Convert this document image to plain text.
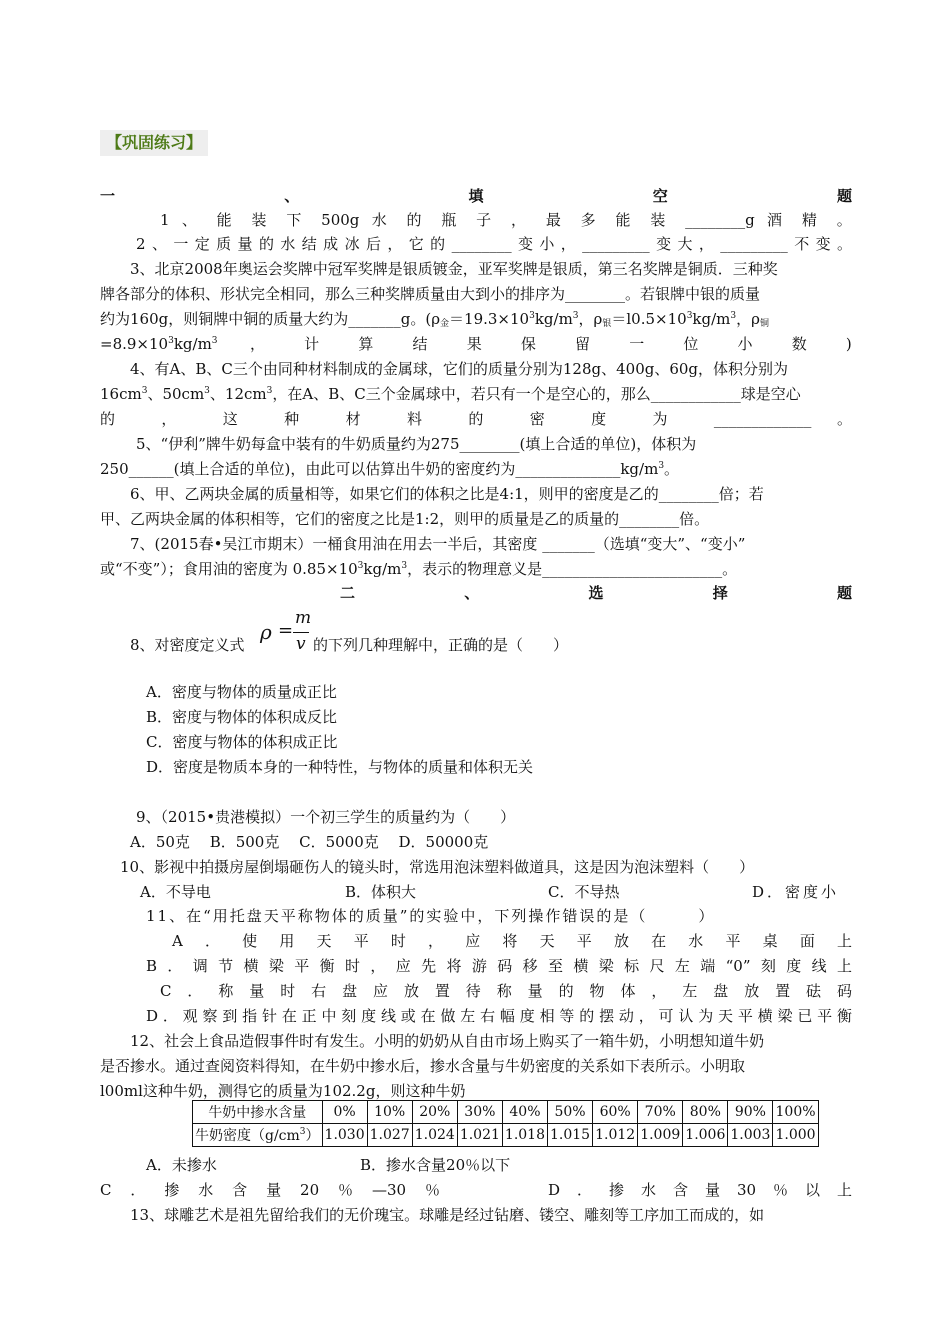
【巩固练习】
一	、	填	空	题
1 、 能 装 下 500g 水 的 瓶 子 ， 最 多 能 装 ________g 酒 精 。
2、一定质量的水结成冰后，它的________变小，_________变大，_________不变。
3、北京2008年奥运会奖牌中冠军奖牌是银质镀金，亚军奖牌是银质，第三名奖牌是铜质．三种奖
牌各部分的体积、形状完全相同，那么三种奖牌质量由大到小的排序为________。若银牌中银的质量
约为160g，则铜牌中铜的质量大约为_______g。($\rho_金=19.3\times 10^3kg/m^3$，$\rho_银=l0.5\times 10^3kg/m^3$，$\rho_铜$
$=8.9\times 10^3kg/m^3$ ， 计 算 结 果 保 留 一 位 小 数 )
4、有A、B、C三个由同种材料制成的金属球，它们的质量分别为128g、400g、60g，体积分别为
$16cm^3$、$50cm^3$、$12cm^3$，在A、B、C三个金属球中，若只有一个是空心的，那么____________球是空心
的 ， 这 种 材 料 的 密 度 为 _____________ 。
5、“伊利”牌牛奶每盒中装有的牛奶质量约为275________(填上合适的单位)，体积为
250______(填上合适的单位)，由此可以估算出牛奶的密度约为$\_\_\_\_\_\_\_\_\_\_\_\_\_\_kg/m^3$。
6、甲、乙两块金属的质量相等，如果它们的体积之比是4:1，则甲的密度是乙的________倍；若
甲、乙两块金属的体积相等，它们的密度之比是1:2，则甲的质量是乙的质量的________倍。
7、(2015春•吴江市期末）一桶食用油在用去一半后，其密度 _______（选填“变大”、“变小”
或“不变”）；食用油的密度为 $0.85\times 10^3kg/m^3$，表示的物理意义是________________________。
二	、	选	择	题
ρ =
m
v
8、对密度定义式	的下列几种理解中，正确的是（　　）
A．密度与物体的质量成正比
B．密度与物体的体积成反比
C．密度与物体的体积成正比
D．密度是物质本身的一种特性，与物体的质量和体积无关
9、（2015•贵港模拟）一个初三学生的质量约为（　　）
A．50克　 B．500克　 C．5000克　 D．50000克
10、影视中拍摄房屋倒塌砸伤人的镜头时，常选用泡沫塑料做道具，这是因为泡沫塑料（　　）
A．不导电	B．体积大	C．不导热	D．密度小
11、在“用托盘天平称物体的质量”的实验中，下列操作错误的是（　　　）
A．使用天平时，应将天平放在水平桌面上
B．调节横梁平衡时，应先将游码移至横梁标尺左端“0”刻度线上
C．称量时右盘应放置待称量的物体，左盘放置砝码
D．观察到指针在正中刻度线或在做左右幅度相等的摆动，可认为天平横梁已平衡
12、社会上食品造假事件时有发生。小明的奶奶从自由市场上购买了一箱牛奶，小明想知道牛奶
是否掺水。通过查阅资料得知，在牛奶中掺水后，掺水含量与牛奶密度的关系如下表所示。小明取
l00ml这种牛奶，测得它的质量为102.2g，则这种牛奶
牛奶中掺水含量	0%	10%	20%	30%	40%	50%	60%	70%	80%	90%	100%
牛奶密度$(g/cm^3)$	1.030	1.027	1.024	1.021	1.018	1.015	1.012	1.009	1.006	1.003	1.000
A．未掺水	B．掺水含量20％以下
C．掺水含量20％—30％	D．掺水含量30％以上
13、球雕艺术是祖先留给我们的无价瑰宝。球雕是经过钻磨、镂空、雕刻等工序加工而成的，如
